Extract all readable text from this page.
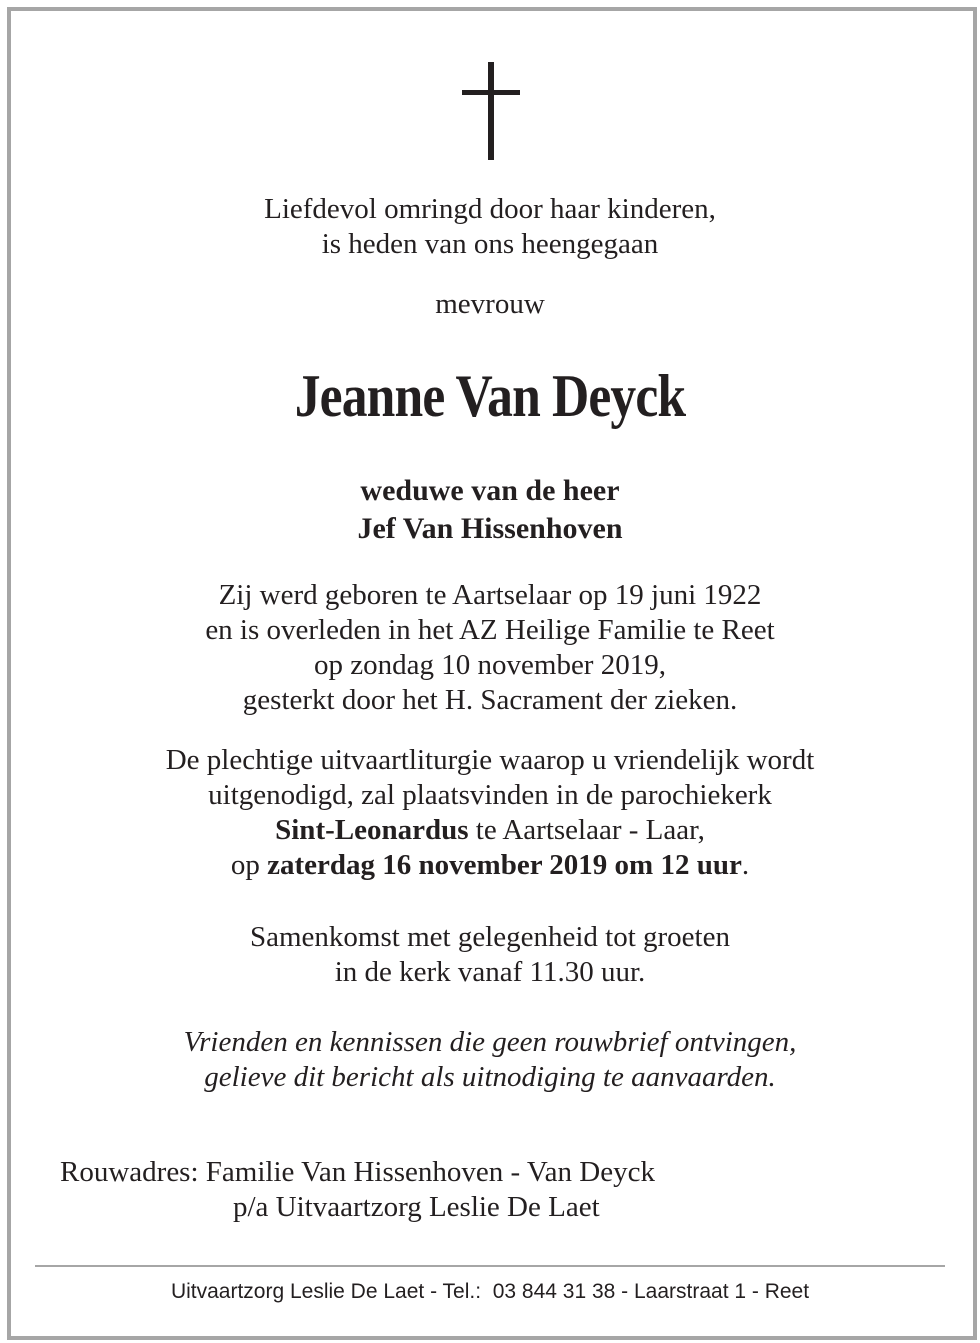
Liefdevol omringd door haar kinderen,
is heden van ons heengegaan
mevrouw
Jeanne Van Deyck
weduwe van de heer
Jef Van Hissenhoven
Zij werd geboren te Aartselaar op 19 juni 1922
en is overleden in het AZ Heilige Familie te Reet
op zondag 10 november 2019,
gesterkt door het H. Sacrament der zieken.
De plechtige uitvaartliturgie waarop u vriendelijk wordt
uitgenodigd, zal plaatsvinden in de parochiekerk
Sint-Leonardus te Aartselaar - Laar,
op zaterdag 16 november 2019 om 12 uur.
Samenkomst met gelegenheid tot groeten
in de kerk vanaf 11.30 uur.
Vrienden en kennissen die geen rouwbrief ontvingen,
gelieve dit bericht als uitnodiging te aanvaarden.
Rouwadres: Familie Van Hissenhoven - Van Deyck
p/a Uitvaartzorg Leslie De Laet
Uitvaartzorg Leslie De Laet - Tel.:  03 844 31 38 - Laarstraat 1 - Reet
